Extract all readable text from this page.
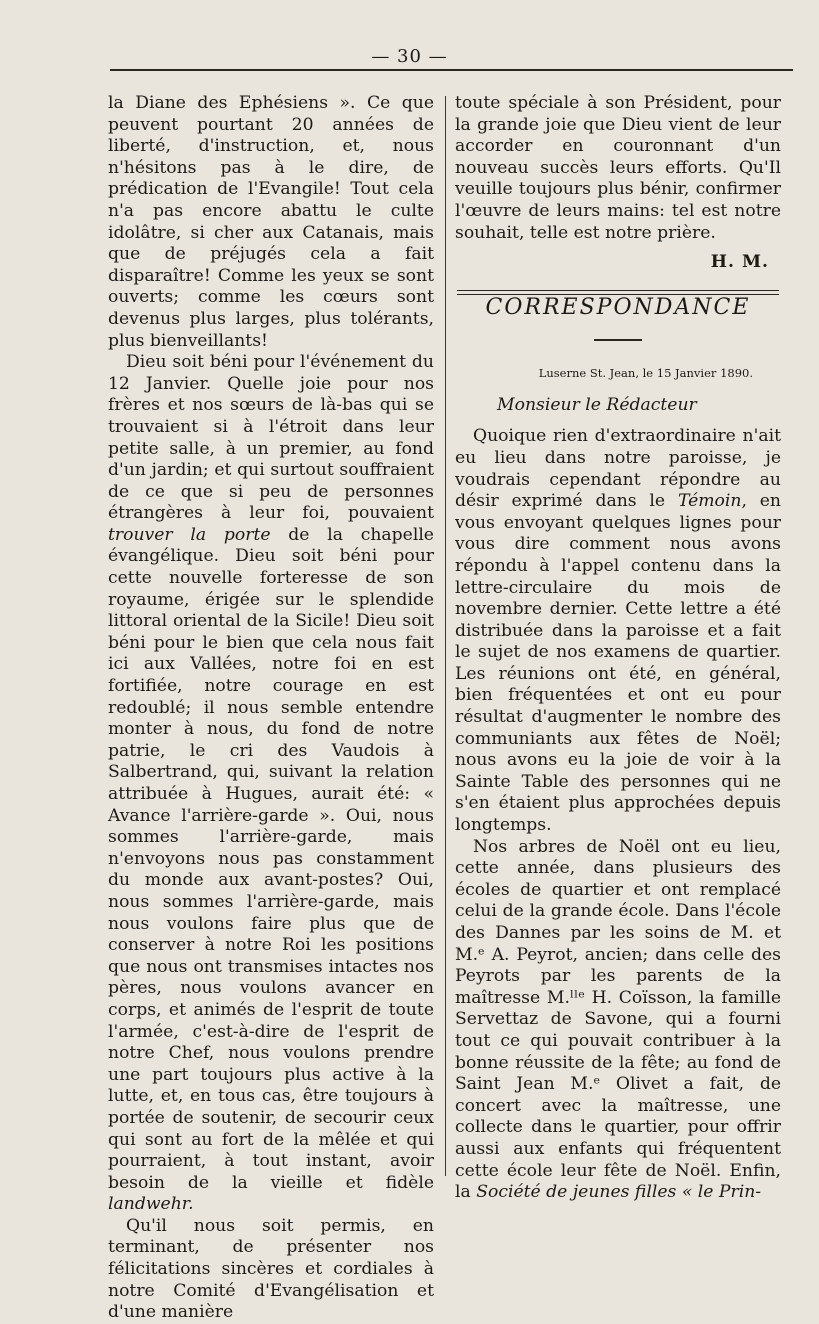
— 30 —

la Diane des Ephésiens ». Ce que peuvent pourtant 20 années de liberté, d'instruction, et, nous n'hésitons pas à le dire, de prédication de l'Evangile! Tout cela n'a pas encore abattu le culte idolâtre, si cher aux Catanais, mais que de préjugés cela a fait disparaître! Comme les yeux se sont ouverts; comme les cœurs sont devenus plus larges, plus tolérants, plus bienveillants!

Dieu soit béni pour l'événement du 12 Janvier. Quelle joie pour nos frères et nos sœurs de là-bas qui se trouvaient si à l'étroit dans leur petite salle, à un premier, au fond d'un jardin; et qui surtout souffraient de ce que si peu de personnes étrangères à leur foi, pouvaient trouver la porte de la chapelle évangélique. Dieu soit béni pour cette nouvelle forteresse de son royaume, érigée sur le splendide littoral oriental de la Sicile! Dieu soit béni pour le bien que cela nous fait ici aux Vallées, notre foi en est fortifiée, notre courage en est redoublé; il nous semble entendre monter à nous, du fond de notre patrie, le cri des Vaudois à Salbertrand, qui, suivant la relation attribuée à Hugues, aurait été: « Avance l'arrière-garde ». Oui, nous sommes l'arrière-garde, mais n'envoyons nous pas constamment du monde aux avant-postes? Oui, nous sommes l'arrière-garde, mais nous voulons faire plus que de conserver à notre Roi les positions que nous ont transmises intactes nos pères, nous voulons avancer en corps, et animés de l'esprit de toute l'armée, c'est-à-dire de l'esprit de notre Chef, nous voulons prendre une part toujours plus active à la lutte, et, en tous cas, être toujours à portée de soutenir, de secourir ceux qui sont au fort de la mêlée et qui pourraient, à tout instant, avoir besoin de la vieille et fidèle landwehr.

Qu'il nous soit permis, en terminant, de présenter nos félicitations sincères et cordiales à notre Comité d'Evangélisation et d'une manière

toute spéciale à son Président, pour la grande joie que Dieu vient de leur accorder en couronnant d'un nouveau succès leurs efforts. Qu'Il veuille toujours plus bénir, confirmer l'œuvre de leurs mains: tel est notre souhait, telle est notre prière.

H. M.

CORRESPONDANCE

Luserne St. Jean, le 15 Janvier 1890.

Monsieur le Rédacteur

Quoique rien d'extraordinaire n'ait eu lieu dans notre paroisse, je voudrais cependant répondre au désir exprimé dans le Témoin, en vous envoyant quelques lignes pour vous dire comment nous avons répondu à l'appel contenu dans la lettre-circulaire du mois de novembre dernier. Cette lettre a été distribuée dans la paroisse et a fait le sujet de nos examens de quartier. Les réunions ont été, en général, bien fréquentées et ont eu pour résultat d'augmenter le nombre des communiants aux fêtes de Noël; nous avons eu la joie de voir à la Sainte Table des personnes qui ne s'en étaient plus approchées depuis longtemps.

Nos arbres de Noël ont eu lieu, cette année, dans plusieurs des écoles de quartier et ont remplacé celui de la grande école. Dans l'école des Dannes par les soins de M. et M.ᵉ A. Peyrot, ancien; dans celle des Peyrots par les parents de la maîtresse M.ˡˡᵉ H. Coïsson, la famille Servettaz de Savone, qui a fourni tout ce qui pouvait contribuer à la bonne réussite de la fête; au fond de Saint Jean M.ᵉ Olivet a fait, de concert avec la maîtresse, une collecte dans le quartier, pour offrir aussi aux enfants qui fréquentent cette école leur fête de Noël. Enfin, la Société de jeunes filles « le Prin-
